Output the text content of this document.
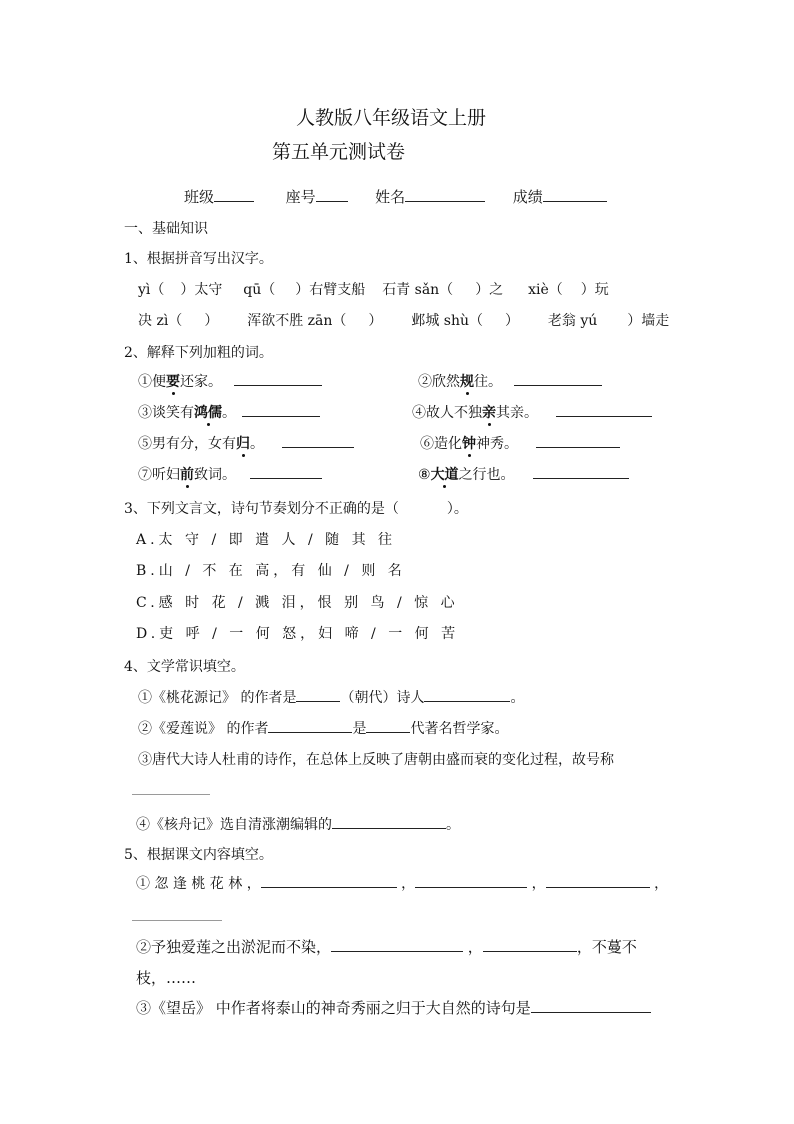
人教版八年级语文上册
第五单元测试卷
班级	座号	姓名	成绩
一、基础知识
1、根据拼音写出汉字。
yì（ ）太守 qū（ ）右臂支船 石青 sǎn（ ）之 xiè（ ）玩
决 zì（ ） 浑欲不胜 zān（ ） 邺城 shù（ ） 老翁 yú ）墙走
2、解释下列加粗的词。
①便要还家。	②欣然规往。
③谈笑有鸿儒。	④故人不独亲其亲。
⑤男有分，女有归。	⑥造化钟神秀。
⑦听妇前致词。	⑧大道之行也。
3、下列文言文，诗句节奏划分不正确的是（	）。
A.太 守 / 即 遣 人 / 随 其 往
B.山 / 不 在 高，有 仙 / 则 名
C.感 时 花 / 溅 泪，恨 别 鸟 / 惊 心
D.吏 呼 / 一 何 怒，妇 啼 / 一 何 苦
4、文学常识填空。
①《桃花源记》 的作者是	（朝代）诗人	。
②《爱莲说》 的作者	是	代著名哲学家。
③唐代大诗人杜甫的诗作，在总体上反映了唐朝由盛而衰的变化过程，故号称
④《核舟记》选自清涨潮编辑的	。
5、根据课文内容填空。
① 忽 逢 桃 花 林 ，	，	，	，
②予独爱莲之出淤泥而不染，	，	，不蔓不
枝，……
③《望岳》 中作者将泰山的神奇秀丽之归于大自然的诗句是
